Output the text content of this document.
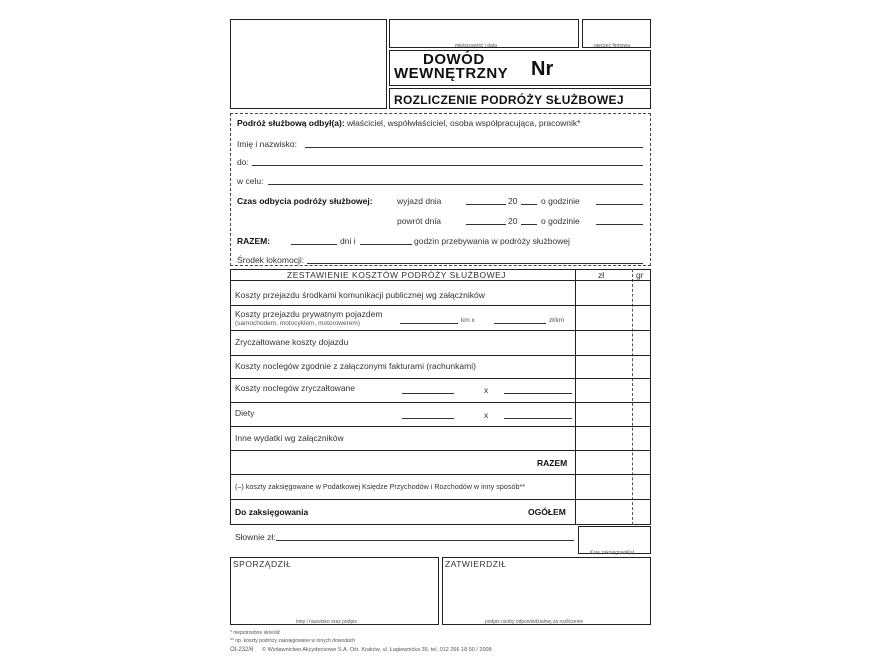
miejscowość i data	pieczęć firmowa
DOWÓD
WEWNĘTRZNY Nr
ROZLICZENIE PODRÓŻY SŁUŻBOWEJ
Podróż służbową odbył(a): właściciel, współwłaściciel, osoba współpracująca, pracownik*
Imię i nazwisko:
do:
w celu:
Czas odbycia podróży służbowej:	wyjazd dnia	20	o godzinie
powrót dnia	20	o godzinie
RAZEM:	dni i	godzin przebywania w podróży służbowej
Środek lokomocji:
ZESTAWIENIE KOSZTÓW PODRÓŻY SŁUŻBOWEJ	zł	gr
Koszty przejazdu środkami komunikacji publicznej wg załączników
Koszty przejazdu prywatnym pojazdem
(samochodem, motocyklem, motorowerem)	km x	zł/km
Zryczałtowane koszty dojazdu
Koszty noclegów zgodnie z załączonymi fakturami (rachunkami)
Koszty noclegów zryczałtowane	x
Diety	x
Inne wydatki wg załączników
RAZEM
(–) koszty zaksięgowane w Podatkowej Księdze Przychodów i Rozchodów w inny sposób**
Do zaksięgowania	OGÓŁEM
Słownie zł:
Księ zaksięgował(a)
SPORZĄDZIŁ
imię i nazwisko oraz podpis
ZATWIERDZIŁ
podpis osoby odpowiedzialnej za rozliczenie
* niepotrzebne skreślić
** np. koszty podróży zaksięgowane w innych dowodach
Ot-232/6 © Wydawnictwo Akcydensowe S.A. Ośr. Kraków, ul. Łagiewnicka 39, tel. 012 266 18 50 / 2008
